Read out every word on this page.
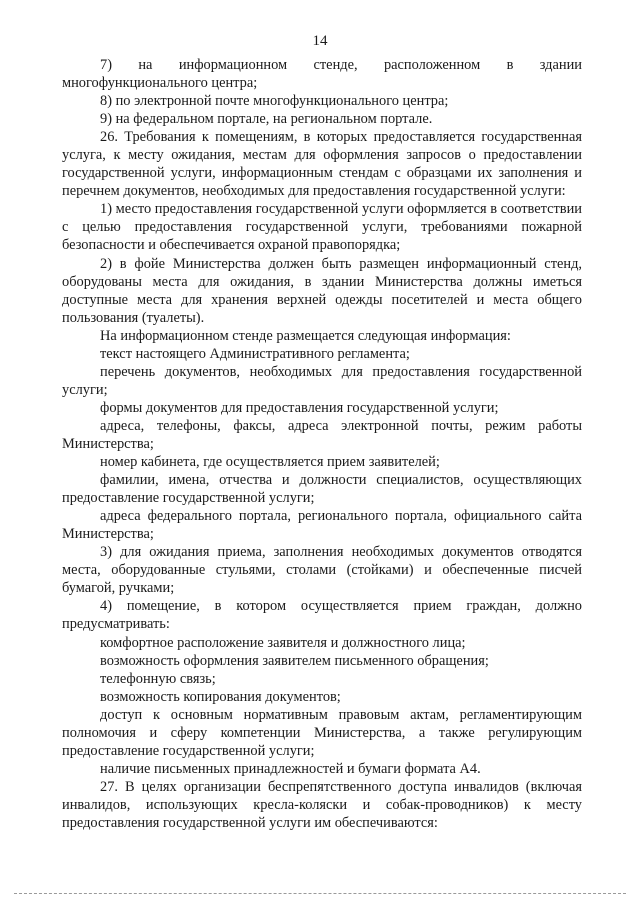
14

7)  на  информационном  стенде,  расположенном  в  здании многофункционального центра;

8) по электронной почте многофункционального центра;

9) на федеральном портале, на региональном портале.

26. Требования к помещениям, в которых предоставляется государственная услуга, к месту ожидания, местам для оформления запросов о предоставлении государственной услуги, информационным стендам с образцами их заполнения и перечнем документов, необходимых для предоставления государственной услуги:

1) место предоставления государственной услуги оформляется в соответствии с целью предоставления государственной услуги, требованиями пожарной безопасности и обеспечивается охраной правопорядка;

2) в фойе Министерства должен быть размещен информационный стенд, оборудованы места для ожидания, в здании Министерства должны иметься доступные места для хранения верхней одежды посетителей и места общего пользования (туалеты).

На информационном стенде размещается следующая информация:

текст настоящего Административного регламента;

перечень документов, необходимых для предоставления государственной услуги;

формы документов для предоставления государственной услуги;

адреса, телефоны, факсы, адреса электронной почты, режим работы Министерства;

номер кабинета, где осуществляется прием заявителей;

фамилии, имена, отчества и должности специалистов, осуществляющих предоставление государственной услуги;

адреса федерального портала, регионального портала, официального сайта Министерства;

3) для ожидания приема, заполнения необходимых документов отводятся места, оборудованные стульями, столами (стойками) и обеспеченные писчей бумагой, ручками;

4) помещение, в котором осуществляется прием граждан, должно предусматривать:

комфортное расположение заявителя и должностного лица;

возможность оформления заявителем письменного обращения;

телефонную связь;

возможность копирования документов;

доступ к основным нормативным правовым актам, регламентирующим полномочия и сферу компетенции Министерства, а также регулирующим предоставление государственной услуги;

наличие письменных принадлежностей и бумаги формата А4.

27. В целях организации беспрепятственного доступа инвалидов (включая инвалидов, использующих кресла-коляски и собак-проводников) к месту предоставления государственной услуги им обеспечиваются:
